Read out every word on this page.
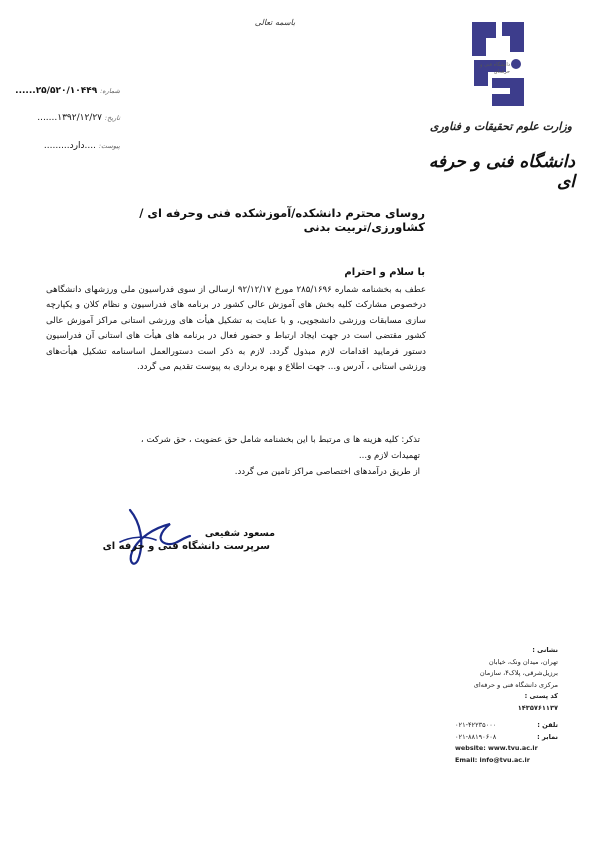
باسمه تعالی
شماره: ۲۵/۵۲۰/۱۰۴۴۹......
تاریخ: ۱۳۹۲/۱۲/۲۷.......
پیوست: ....دارد.........
دانشگاه فنی و حرفه‌ای
وزارت علوم تحقیقات و فناوری
دانشگاه فنی و حرفه ای
روسای محترم دانشکده/آموزشکده فنی وحرفه ای / کشاورزی/تربیت بدنی
با سلام و احترام
عطف به بخشنامه شماره ۲۸۵/۱۶۹۶ مورخ ۹۲/۱۲/۱۷ ارسالی از سوی فدراسیون ملی ورزشهای دانشگاهی درخصوص مشارکت کلیه بخش های آموزش عالی کشور در برنامه های فدراسیون و نظام کلان و یکپارچه سازی مسابقات ورزشی دانشجویی، و با عنایت به تشکیل هیأت های ورزشی استانی مراکز آموزش عالی کشور مقتضی است در جهت ایجاد ارتباط و حضور فعال در برنامه های هیأت های استانی آن فدراسیون دستور فرمایید اقدامات لازم مبذول گردد. لازم به ذکر است دستورالعمل اساسنامه تشکیل هیأت‌های ورزشی استانی ، آدرس و... جهت اطلاع و بهره برداری به پیوست تقدیم می گردد.
تذکر: کلیه هزینه ها ی مرتبط با این بخشنامه شامل حق عضویت ، حق شرکت ، تهمیدات لازم و...
از طریق درآمدهای اختصاصی مراکز تامین می گردد.
مسعود شفیعی
سرپرست دانشگاه فنی و حرفه ای
نشانی :
تهران، میدان ونک، خیابان
برزیل‌شرقی، پلاک۴، سازمان
مرکزی دانشگاه فنی و حرفه‌ای
کد پستی :
۱۴۳۵۷۶۱۱۳۷
تلفن :
۰۲۱-۴۲۲۳۵۰۰۰
نمابر :
۰۲۱-۸۸۱۹۰۶۰۸
website: www.tvu.ac.ir
Email: info@tvu.ac.ir
